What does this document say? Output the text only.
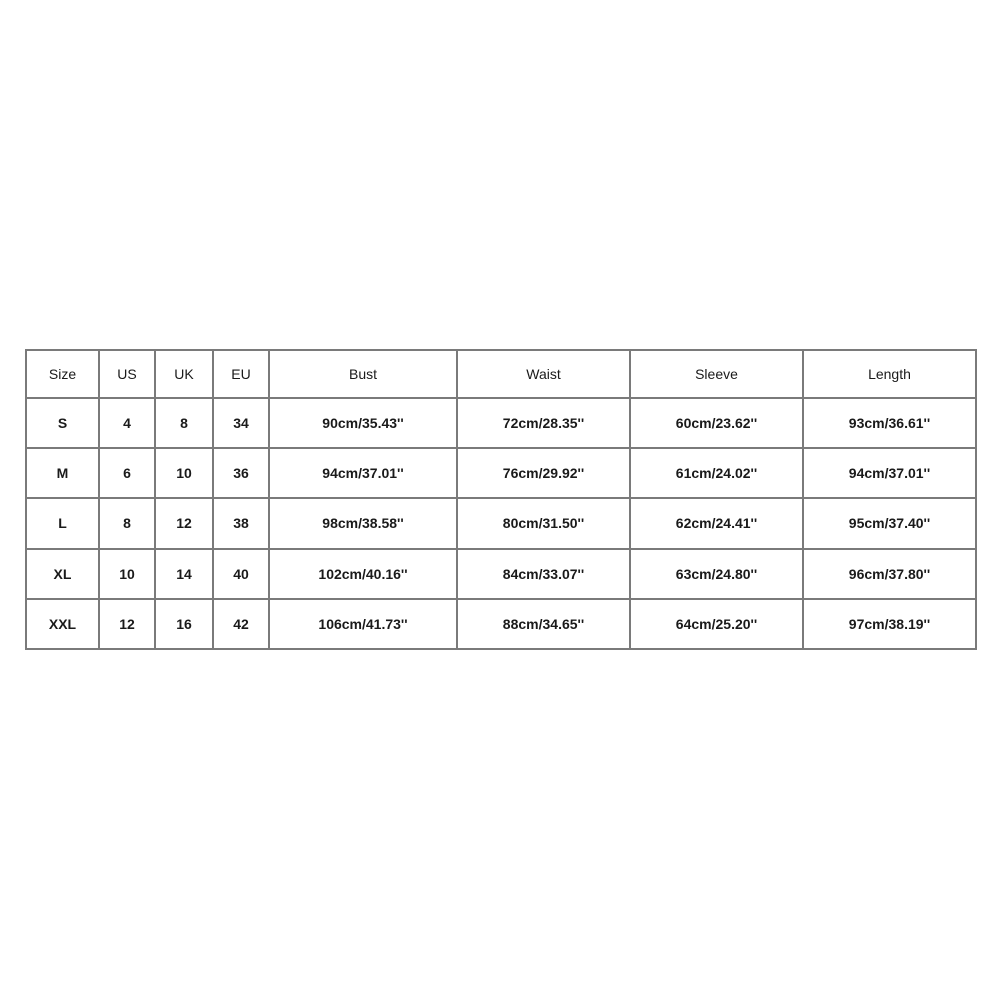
Size	US	UK	EU	Bust	Waist	Sleeve	Length
S	4	8	34	90cm/35.43''	72cm/28.35''	60cm/23.62''	93cm/36.61''
M	6	10	36	94cm/37.01''	76cm/29.92''	61cm/24.02''	94cm/37.01''
L	8	12	38	98cm/38.58''	80cm/31.50''	62cm/24.41''	95cm/37.40''
XL	10	14	40	102cm/40.16''	84cm/33.07''	63cm/24.80''	96cm/37.80''
XXL	12	16	42	106cm/41.73''	88cm/34.65''	64cm/25.20''	97cm/38.19''
